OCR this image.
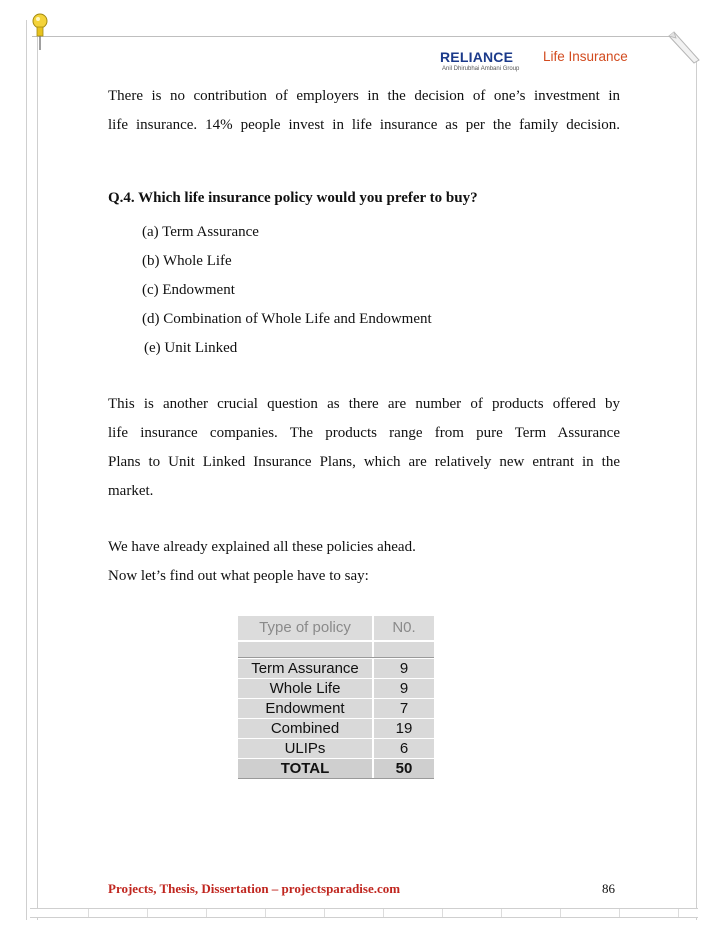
RELIANCE Life Insurance
Anil Dhirubhai Ambani Group

There is no contribution of employers in the decision of one’s investment in
life insurance. 14% people invest in life insurance as per the family decision.

Q.4. Which life insurance policy would you prefer to buy?

(a) Term Assurance
(b) Whole Life
(c) Endowment
(d) Combination of Whole Life and Endowment
(e) Unit Linked

This is another crucial question as there are number of products offered by
life insurance companies. The products range from pure Term Assurance
Plans to Unit Linked Insurance Plans, which are relatively new entrant in the
market.

We have already explained all these policies ahead.
Now let’s find out what people have to say:

Type of policy	N0.
Term Assurance	9
Whole Life	9
Endowment	7
Combined	19
ULIPs	6
TOTAL	50

Projects, Thesis, Dissertation – projectsparadise.com	86
